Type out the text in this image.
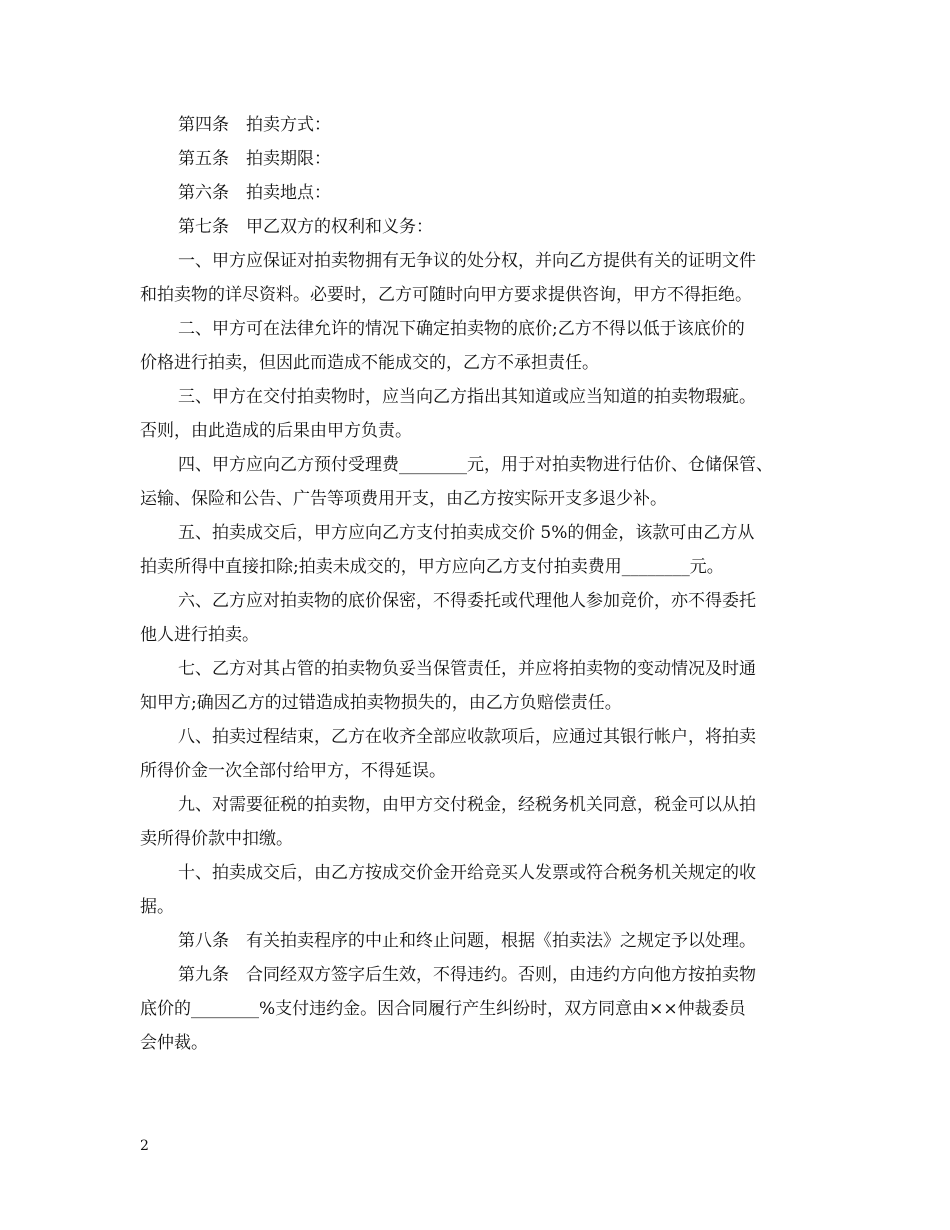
第四条　拍卖方式：

第五条　拍卖期限：

第六条　拍卖地点：

第七条　甲乙双方的权利和义务：

一、甲方应保证对拍卖物拥有无争议的处分权，并向乙方提供有关的证明文件

和拍卖物的详尽资料。必要时，乙方可随时向甲方要求提供咨询，甲方不得拒绝。

二、甲方可在法律允许的情况下确定拍卖物的底价;乙方不得以低于该底价的

价格进行拍卖，但因此而造成不能成交的，乙方不承担责任。

三、甲方在交付拍卖物时，应当向乙方指出其知道或应当知道的拍卖物瑕疵。

否则，由此造成的后果由甲方负责。

四、甲方应向乙方预付受理费________元，用于对拍卖物进行估价、仓储保管、

运输、保险和公告、广告等项费用开支，由乙方按实际开支多退少补。

五、拍卖成交后，甲方应向乙方支付拍卖成交价 5%的佣金，该款可由乙方从

拍卖所得中直接扣除;拍卖未成交的，甲方应向乙方支付拍卖费用________元。

六、乙方应对拍卖物的底价保密，不得委托或代理他人参加竞价，亦不得委托

他人进行拍卖。

七、乙方对其占管的拍卖物负妥当保管责任，并应将拍卖物的变动情况及时通

知甲方;确因乙方的过错造成拍卖物损失的，由乙方负赔偿责任。

八、拍卖过程结束，乙方在收齐全部应收款项后，应通过其银行帐户，将拍卖

所得价金一次全部付给甲方，不得延误。

九、对需要征税的拍卖物，由甲方交付税金，经税务机关同意，税金可以从拍

卖所得价款中扣缴。

十、拍卖成交后，由乙方按成交价金开给竞买人发票或符合税务机关规定的收

据。

第八条　有关拍卖程序的中止和终止问题，根据《拍卖法》之规定予以处理。

第九条　合同经双方签字后生效，不得违约。否则，由违约方向他方按拍卖物

底价的________%支付违约金。因合同履行产生纠纷时，双方同意由××仲裁委员

会仲裁。

2
